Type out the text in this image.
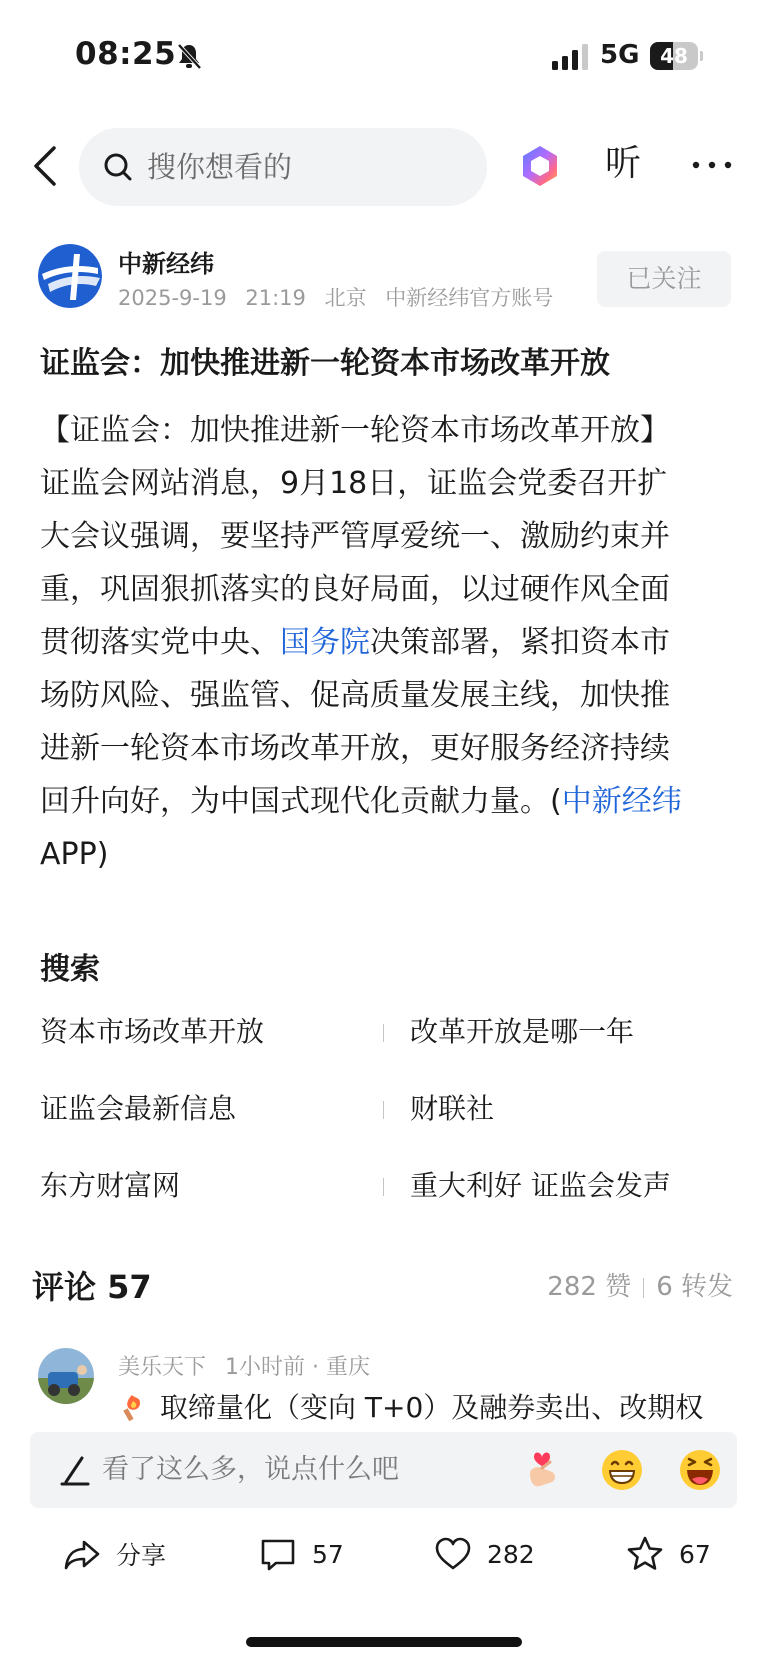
08:25	5G	48
搜你想看的	听
中新经纬
2025-9-19 21:19 北京 中新经纬官方账号
已关注
证监会：加快推进新一轮资本市场改革开放
【证监会：加快推进新一轮资本市场改革开放】
证监会网站消息，9月18日，证监会党委召开扩
大会议强调，要坚持严管厚爱统一、激励约束并
重，巩固狠抓落实的良好局面，以过硬作风全面
贯彻落实党中央、国务院决策部署，紧扣资本市
场防风险、强监管、促高质量发展主线，加快推
进新一轮资本市场改革开放，更好服务经济持续
回升向好，为中国式现代化贡献力量。(中新经纬
APP)
搜索
资本市场改革开放	改革开放是哪一年
证监会最新信息	财联社
东方财富网	重大利好 证监会发声
评论 57	282 赞 6 转发
美乐天下 1小时前 · 重庆
取缔量化（变向 T+0）及融券卖出、改期权
看了这么多，说点什么吧
分享	57	282	67
